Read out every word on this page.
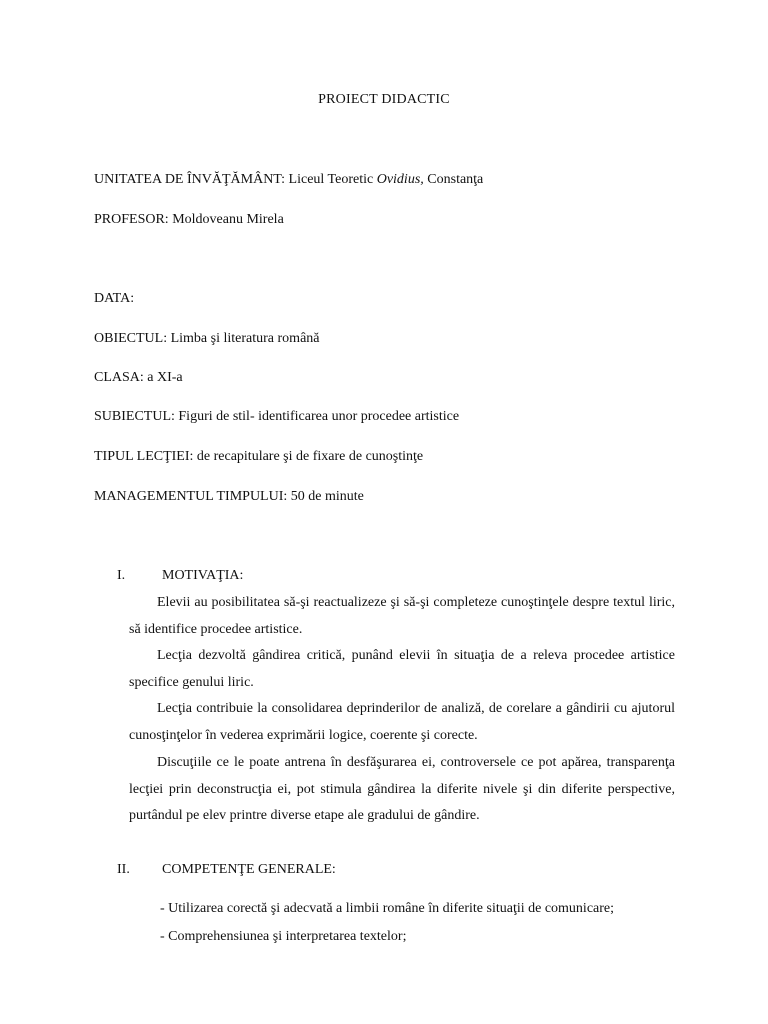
PROIECT DIDACTIC
UNITATEA DE ÎNVĂŢĂMÂNT: Liceul Teoretic Ovidius, Constanţa
PROFESOR: Moldoveanu Mirela
DATA:
OBIECTUL: Limba şi literatura română
CLASA: a XI-a
SUBIECTUL: Figuri de stil- identificarea unor procedee artistice
TIPUL LECŢIEI: de recapitulare şi de fixare de cunoştinţe
MANAGEMENTUL TIMPULUI: 50 de minute
I.	MOTIVAŢIA:
Elevii au posibilitatea să-şi reactualizeze şi să-şi completeze cunoştinţele despre textul liric, să identifice procedee artistice.
Lecţia dezvoltă gândirea critică, punând elevii în situaţia de a releva procedee artistice specifice genului liric.
Lecţia contribuie la consolidarea deprinderilor de analiză, de corelare a gândirii cu ajutorul cunosţinţelor în vederea exprimării logice, coerente şi corecte.
Discuţiile ce le poate antrena în desfăşurarea ei, controversele ce pot apărea, transparenţa lecţiei prin deconstrucţia ei, pot stimula gândirea la diferite nivele şi din diferite perspective, purtândul pe elev printre diverse etape ale gradului de gândire.
II. COMPETENŢE GENERALE:
- Utilizarea corectă şi adecvată a limbii române în diferite situaţii de comunicare;
- Comprehensiunea şi interpretarea textelor;
